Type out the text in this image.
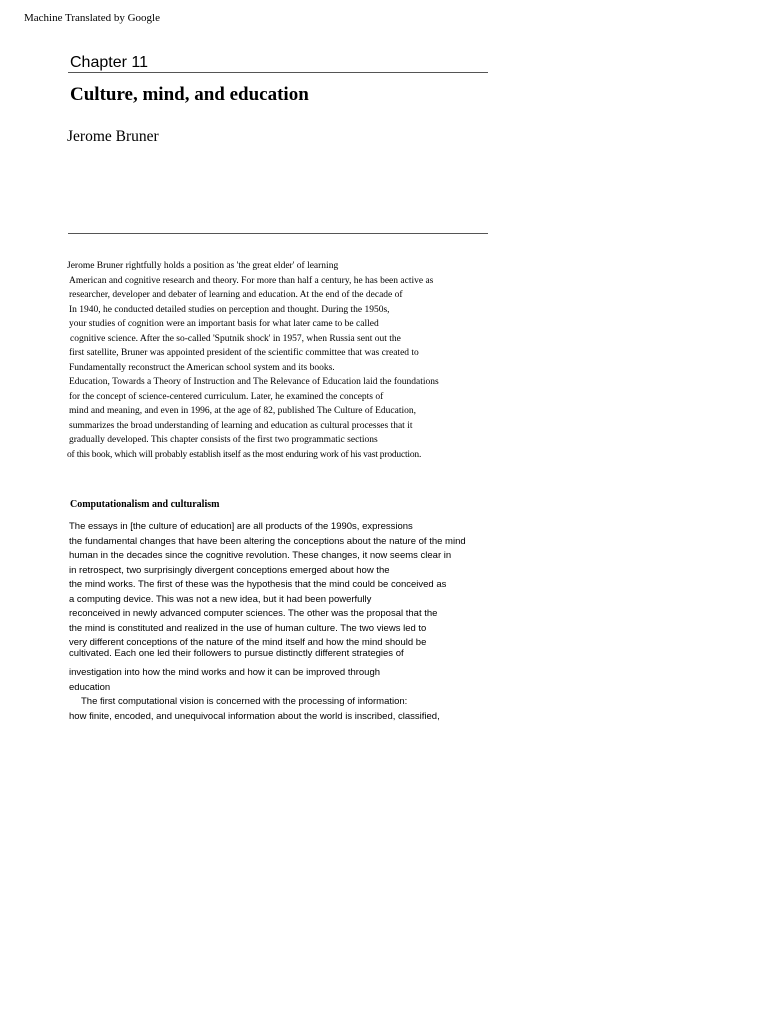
Machine Translated by Google
Chapter 11
Culture, mind, and education
Jerome Bruner
Jerome Bruner rightfully holds a position as 'the great elder' of learning
American and cognitive research and theory. For more than half a century, he has been active as
researcher, developer and debater of learning and education. At the end of the decade of
In 1940, he conducted detailed studies on perception and thought. During the 1950s,
your studies of cognition were an important basis for what later came to be called
cognitive science. After the so-called 'Sputnik shock' in 1957, when Russia sent out the
first satellite, Bruner was appointed president of the scientific committee that was created to
Fundamentally reconstruct the American school system and its books.
Education, Towards a Theory of Instruction and The Relevance of Education laid the foundations
for the concept of science-centered curriculum. Later, he examined the concepts of
mind and meaning, and even in 1996, at the age of 82, published The Culture of Education,
summarizes the broad understanding of learning and education as cultural processes that it
gradually developed. This chapter consists of the first two programmatic sections
of this book, which will probably establish itself as the most enduring work of his vast production.
Computationalism and culturalism
The essays in [the culture of education] are all products of the 1990s, expressions
the fundamental changes that have been altering the conceptions about the nature of the mind
human in the decades since the cognitive revolution. These changes, it now seems clear in
in retrospect, two surprisingly divergent conceptions emerged about how the
the mind works. The first of these was the hypothesis that the mind could be conceived as
a computing device. This was not a new idea, but it had been powerfully
reconceived in newly advanced computer sciences. The other was the proposal that the
the mind is constituted and realized in the use of human culture. The two views led to
very different conceptions of the nature of the mind itself and how the mind should be
cultivated. Each one led their followers to pursue distinctly different strategies of
investigation into how the mind works and how it can be improved through
education
The first computational vision is concerned with the processing of information:
how finite, encoded, and unequivocal information about the world is inscribed, classified,
